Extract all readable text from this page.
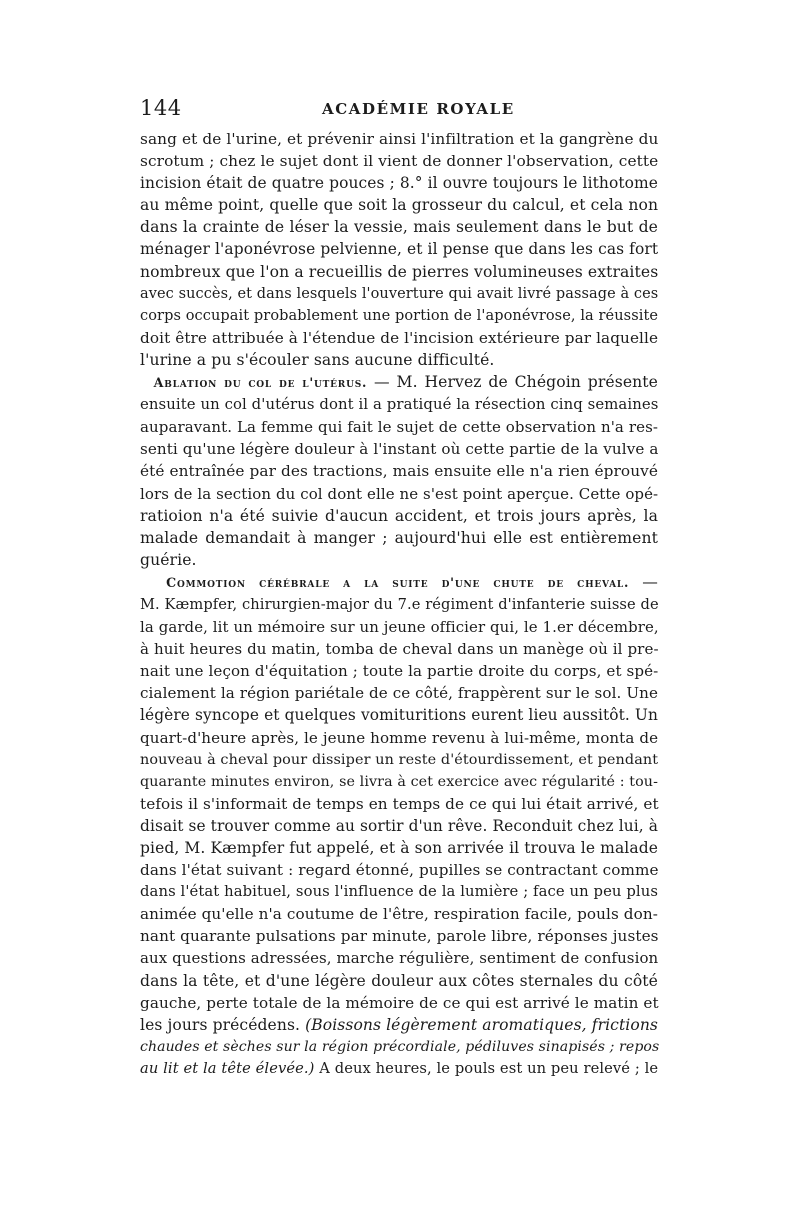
144	ACADÉMIE ROYALE
sang et de l'urine, et prévenir ainsi l'infiltration et la gangrène du
scrotum ; chez le sujet dont il vient de donner l'observation, cette
incision était de quatre pouces ; 8.° il ouvre toujours le lithotome
au même point, quelle que soit la grosseur du calcul, et cela non
dans la crainte de léser la vessie, mais seulement dans le but de
ménager l'aponévrose pelvienne, et il pense que dans les cas fort
nombreux que l'on a recueillis de pierres volumineuses extraites
avec succès, et dans lesquels l'ouverture qui avait livré passage à ces
corps occupait probablement une portion de l'aponévrose, la réussite
doit être attribuée à l'étendue de l'incision extérieure par laquelle
l'urine a pu s'écouler sans aucune difficulté.
Ablation du col de l'utérus. — M. Hervez de Chégoin présente
ensuite un col d'utérus dont il a pratiqué la résection cinq semaines
auparavant. La femme qui fait le sujet de cette observation n'a res-
senti qu'une légère douleur à l'instant où cette partie de la vulve a
été entraînée par des tractions, mais ensuite elle n'a rien éprouvé
lors de la section du col dont elle ne s'est point aperçue. Cette opé-
ratioion n'a été suivie d'aucun accident, et trois jours après, la
malade demandait à manger ; aujourd'hui elle est entièrement
guérie.
Commotion cérébrale a la suite d'une chute de cheval. —
M. Kæmpfer, chirurgien-major du 7.e régiment d'infanterie suisse de
la garde, lit un mémoire sur un jeune officier qui, le 1.er décembre,
à huit heures du matin, tomba de cheval dans un manège où il pre-
nait une leçon d'équitation ; toute la partie droite du corps, et spé-
cialement la région pariétale de ce côté, frappèrent sur le sol. Une
légère syncope et quelques vomituritions eurent lieu aussitôt. Un
quart-d'heure après, le jeune homme revenu à lui-même, monta de
nouveau à cheval pour dissiper un reste d'étourdissement, et pendant
quarante minutes environ, se livra à cet exercice avec régularité : tou-
tefois il s'informait de temps en temps de ce qui lui était arrivé, et
disait se trouver comme au sortir d'un rêve. Reconduit chez lui, à
pied, M. Kæmpfer fut appelé, et à son arrivée il trouva le malade
dans l'état suivant : regard étonné, pupilles se contractant comme
dans l'état habituel, sous l'influence de la lumière ; face un peu plus
animée qu'elle n'a coutume de l'être, respiration facile, pouls don-
nant quarante pulsations par minute, parole libre, réponses justes
aux questions adressées, marche régulière, sentiment de confusion
dans la tête, et d'une légère douleur aux côtes sternales du côté
gauche, perte totale de la mémoire de ce qui est arrivé le matin et
les jours précédens. (Boissons légèrement aromatiques, frictions
chaudes et sèches sur la région précordiale, pédiluves sinapisés ; repos
au lit et la tête élevée.) A deux heures, le pouls est un peu relevé ; le
